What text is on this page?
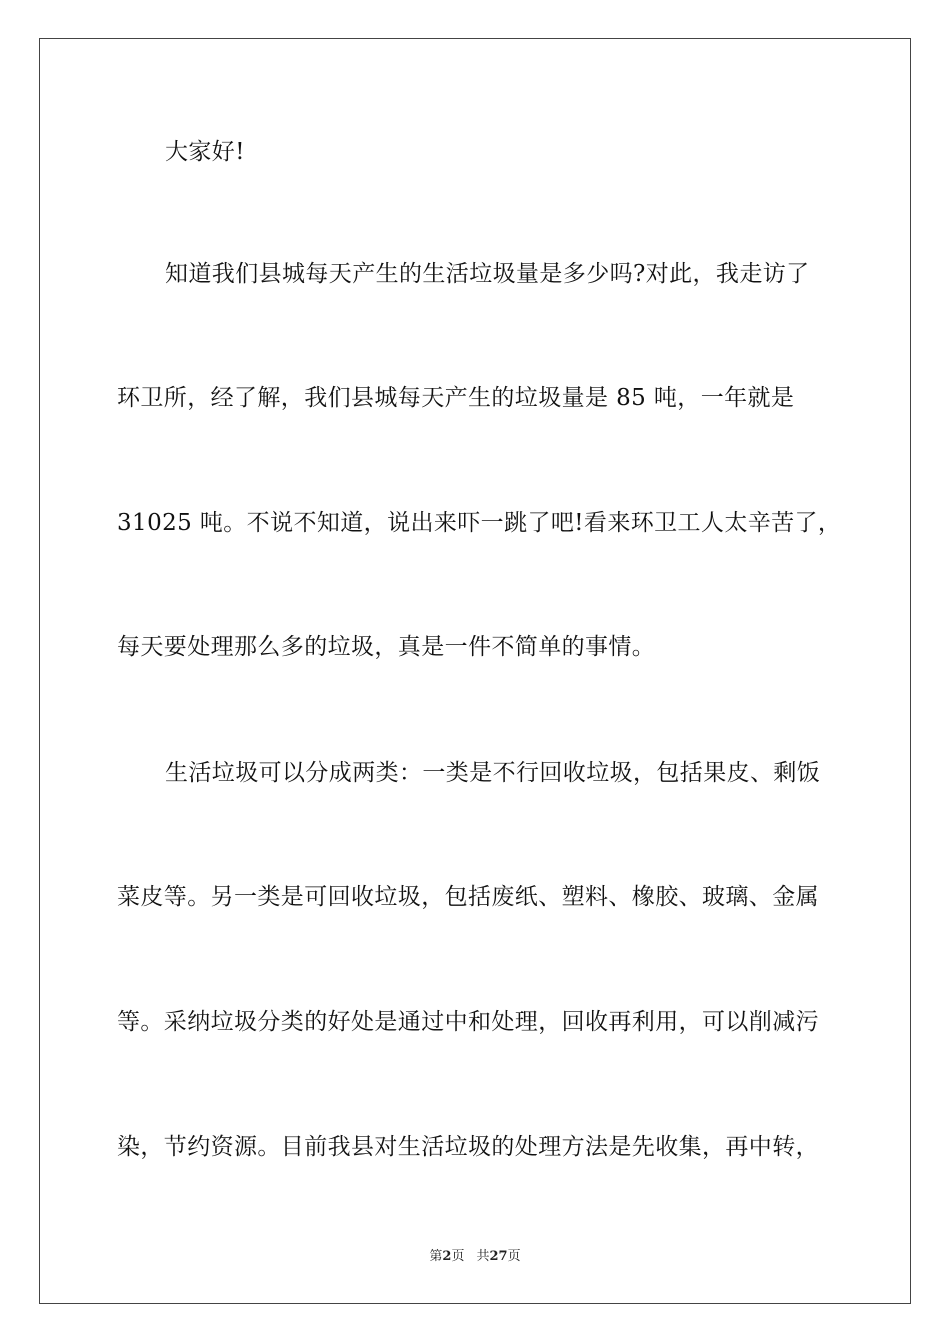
大家好!
知道我们县城每天产生的生活垃圾量是多少吗?对此，我走访了
环卫所，经了解，我们县城每天产生的垃圾量是 85 吨，一年就是
31025 吨。不说不知道，说出来吓一跳了吧!看来环卫工人太辛苦了，
每天要处理那么多的垃圾，真是一件不简单的事情。
生活垃圾可以分成两类：一类是不行回收垃圾，包括果皮、剩饭
菜皮等。另一类是可回收垃圾，包括废纸、塑料、橡胶、玻璃、金属
等。采纳垃圾分类的好处是通过中和处理，回收再利用，可以削减污
染，节约资源。目前我县对生活垃圾的处理方法是先收集，再中转，
第2页 共27页
